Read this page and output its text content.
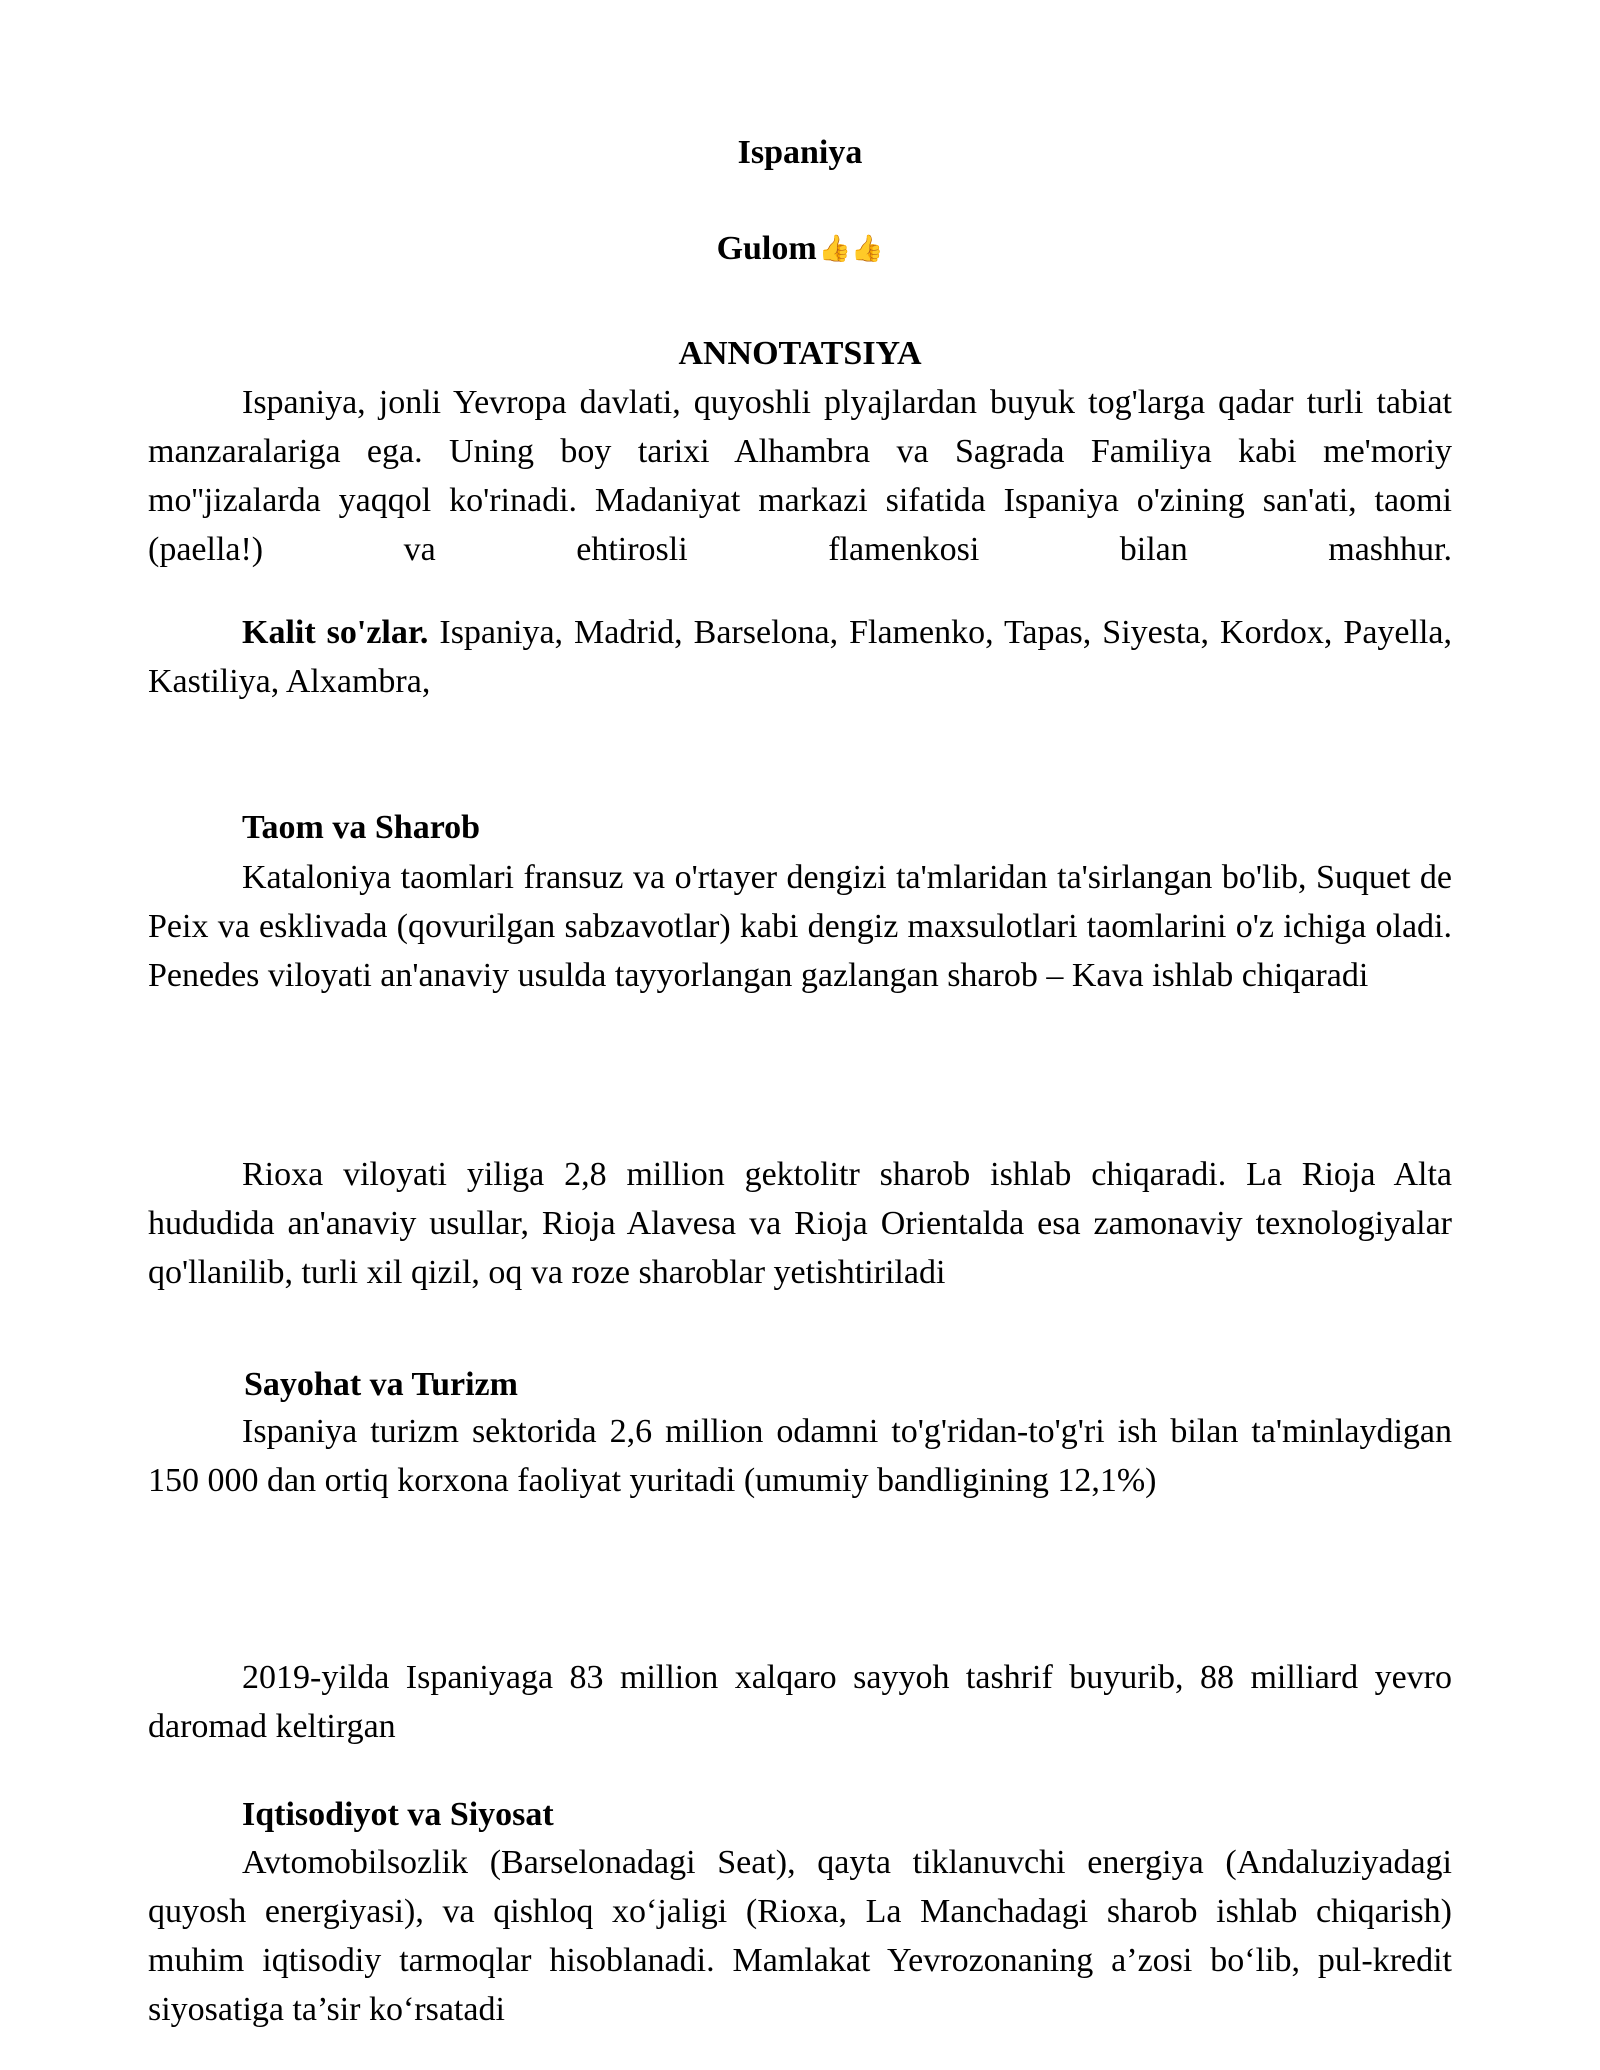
Ispaniya
Gulom👍👍
ANNOTATSIYA

Ispaniya, jonli Yevropa davlati, quyoshli plyajlardan buyuk tog'larga qadar turli tabiat manzaralariga ega. Uning boy tarixi Alhambra va Sagrada Familiya kabi me'moriy mo''jizalarda yaqqol ko'rinadi. Madaniyat markazi sifatida Ispaniya o'zining san'ati, taomi (paella!) va ehtirosli flamenkosi bilan mashhur.

Kalit so'zlar. Ispaniya, Madrid, Barselona, Flamenko, Tapas, Siyesta, Kordox, Payella, Kastiliya, Alxambra,

Taom va Sharob

Kataloniya taomlari fransuz va o'rtayer dengizi ta'mlaridan ta'sirlangan bo'lib, Suquet de Peix va esklivada (qovurilgan sabzavotlar) kabi dengiz maxsulotlari taomlarini o'z ichiga oladi. Penedes viloyati an'anaviy usulda tayyorlangan gazlangan sharob – Kava ishlab chiqaradi

Rioxa viloyati yiliga 2,8 million gektolitr sharob ishlab chiqaradi. La Rioja Alta hududida an'anaviy usullar, Rioja Alavesa va Rioja Orientalda esa zamonaviy texnologiyalar qo'llanilib, turli xil qizil, oq va roze sharoblar yetishtiriladi

Sayohat va Turizm

Ispaniya turizm sektorida 2,6 million odamni to'g'ridan-to'g'ri ish bilan ta'minlaydigan 150 000 dan ortiq korxona faoliyat yuritadi (umumiy bandligining 12,1%)

2019-yilda Ispaniyaga 83 million xalqaro sayyoh tashrif buyurib, 88 milliard yevro daromad keltirgan

Iqtisodiyot va Siyosat

Avtomobilsozlik (Barselonadagi Seat), qayta tiklanuvchi energiya (Andaluziyadagi quyosh energiyasi), va qishloq xo‘jaligi (Rioxa, La Manchadagi sharob ishlab chiqarish) muhim iqtisodiy tarmoqlar hisoblanadi. Mamlakat Yevrozonaning a’zosi bo‘lib, pul-kredit siyosatiga ta’sir ko‘rsatadi
